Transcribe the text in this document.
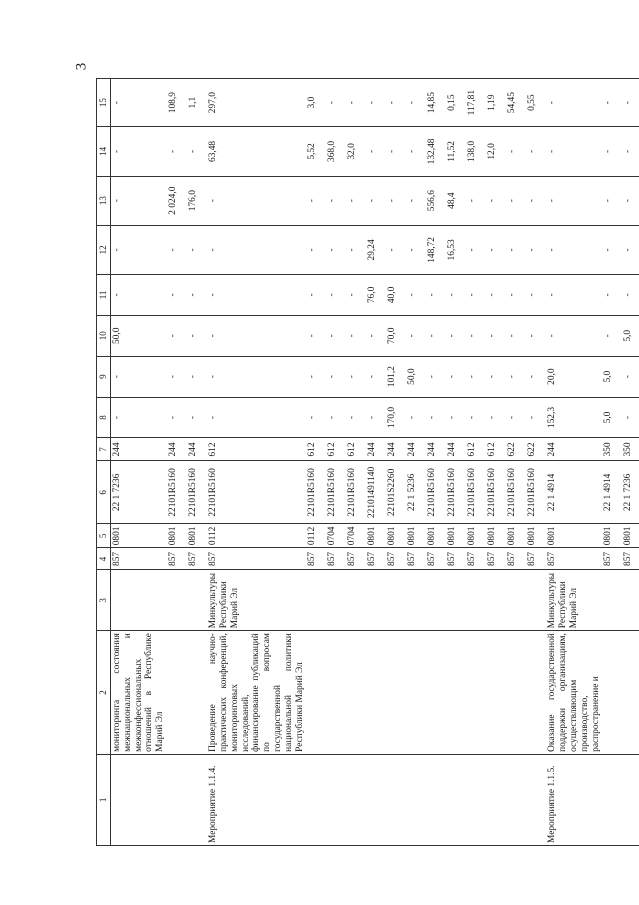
3
1	2	3	4	5	6	7	8	9	10	11	12	13	14	15
	мониторинга состояния межнациональных и межконфессиональных отношений в Республике Марий Эл		857	0801	22 1 7236	244	-	-	50,0	-	-	-	-	-
			857	0801	22101R5160	244	-	-	-	-	-	2 024,0	-	108,9
			857	0801	22101R5160	244	-	-	-	-	-	176,0	-	1,1
Мероприятие 1.1.4.	Проведение научно-практических конференций, мониторинговых исследований, финансирование публикаций по вопросам государственной национальной политики Республики Марий Эл	Минкультуры Республики Марий Эл	857	0112	22101R5160	612	-	-	-	-	-	-	63,48	297,0
			857	0112	22101R5160	612	-	-	-	-	-	-	5,52	3,0
			857	0704	22101R5160	612	-	-	-	-	-	-	368,0	-
			857	0704	22101R5160	612	-	-	-	-	-	-	32,0	-
			857	0801	22101491140	244	-	-	-	76,0	29,24	-	-	-
			857	0801	22101S2260	244	170,0	101,2	70,0	40,0	-	-	-	-
			857	0801	22 1 5236	244	-	50,0	-	-	-	-	-	-
			857	0801	22101R5160	244	-	-	-	-	148,72	556,6	132,48	14,85
			857	0801	22101R5160	244	-	-	-	-	16,53	48,4	11,52	0,15
			857	0801	22101R5160	612	-	-	-	-	-	-	138,0	117,81
			857	0801	22101R5160	612	-	-	-	-	-	-	12,0	1,19
			857	0801	22101R5160	622	-	-	-	-	-	-	-	54,45
			857	0801	22101R5160	622	-	-	-	-	-	-	-	0,55
Мероприятие 1.1.5.	Оказание государственной поддержки организациям, осуществляющим производство, распространение и	Минкультуры Республики Марий Эл	857	0801	22 1 4914	244	152,3	20,0	-	-	-	-	-	-
			857	0801	22 1 4914	350	5,0	5,0	-	-	-	-	-	-
			857	0801	22 1 7236	350	-	-	5,0	-	-	-	-	-
